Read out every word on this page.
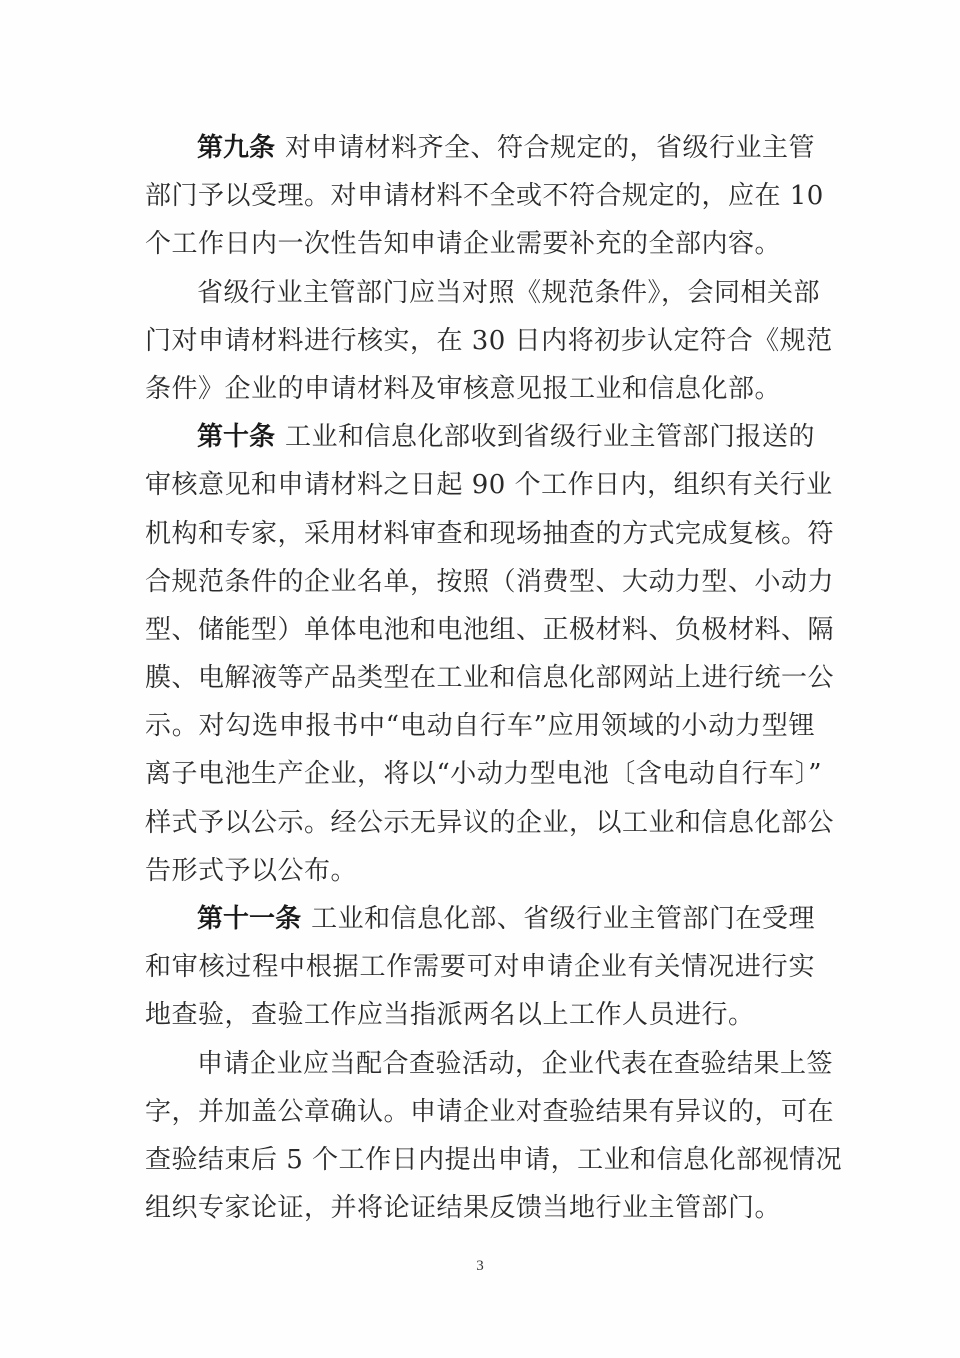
第九条 对申请材料齐全、符合规定的，省级行业主管
部门予以受理。对申请材料不全或不符合规定的，应在 10
个工作日内一次性告知申请企业需要补充的全部内容。
省级行业主管部门应当对照《规范条件》，会同相关部
门对申请材料进行核实，在 30 日内将初步认定符合《规范
条件》企业的申请材料及审核意见报工业和信息化部。
第十条 工业和信息化部收到省级行业主管部门报送的
审核意见和申请材料之日起 90 个工作日内，组织有关行业
机构和专家，采用材料审查和现场抽查的方式完成复核。符
合规范条件的企业名单，按照（消费型、大动力型、小动力
型、储能型）单体电池和电池组、正极材料、负极材料、隔
膜、电解液等产品类型在工业和信息化部网站上进行统一公
示。对勾选申报书中“电动自行车”应用领域的小动力型锂
离子电池生产企业，将以“小动力型电池〔含电动自行车〕”
样式予以公示。经公示无异议的企业，以工业和信息化部公
告形式予以公布。
第十一条 工业和信息化部、省级行业主管部门在受理
和审核过程中根据工作需要可对申请企业有关情况进行实
地查验，查验工作应当指派两名以上工作人员进行。
申请企业应当配合查验活动，企业代表在查验结果上签
字，并加盖公章确认。申请企业对查验结果有异议的，可在
查验结束后 5 个工作日内提出申请，工业和信息化部视情况
组织专家论证，并将论证结果反馈当地行业主管部门。
3
